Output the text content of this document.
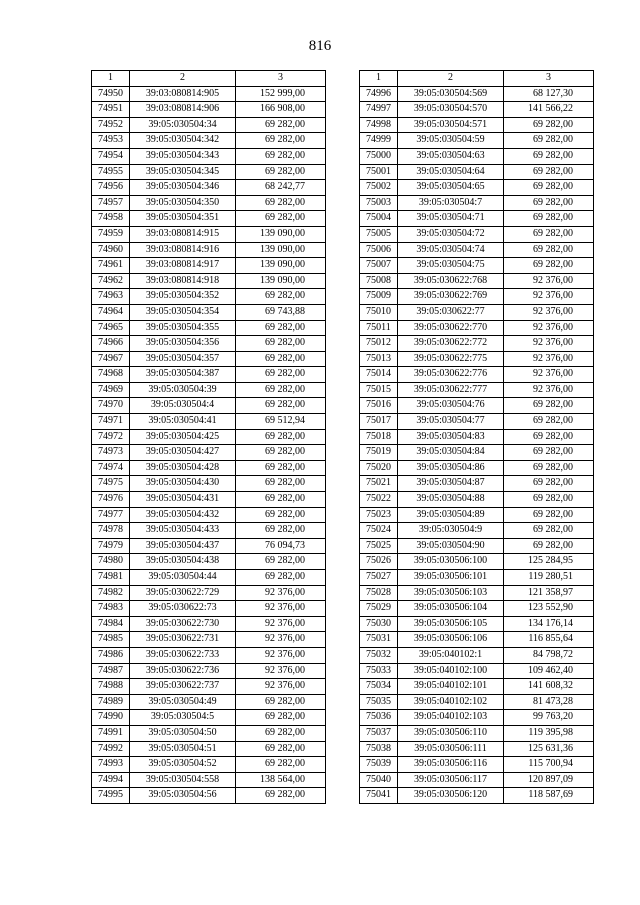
816
1	2	3
74950	39:03:080814:905	152 999,00
74951	39:03:080814:906	166 908,00
74952	39:05:030504:34	69 282,00
74953	39:05:030504:342	69 282,00
74954	39:05:030504:343	69 282,00
74955	39:05:030504:345	69 282,00
74956	39:05:030504:346	68 242,77
74957	39:05:030504:350	69 282,00
74958	39:05:030504:351	69 282,00
74959	39:03:080814:915	139 090,00
74960	39:03:080814:916	139 090,00
74961	39:03:080814:917	139 090,00
74962	39:03:080814:918	139 090,00
74963	39:05:030504:352	69 282,00
74964	39:05:030504:354	69 743,88
74965	39:05:030504:355	69 282,00
74966	39:05:030504:356	69 282,00
74967	39:05:030504:357	69 282,00
74968	39:05:030504:387	69 282,00
74969	39:05:030504:39	69 282,00
74970	39:05:030504:4	69 282,00
74971	39:05:030504:41	69 512,94
74972	39:05:030504:425	69 282,00
74973	39:05:030504:427	69 282,00
74974	39:05:030504:428	69 282,00
74975	39:05:030504:430	69 282,00
74976	39:05:030504:431	69 282,00
74977	39:05:030504:432	69 282,00
74978	39:05:030504:433	69 282,00
74979	39:05:030504:437	76 094,73
74980	39:05:030504:438	69 282,00
74981	39:05:030504:44	69 282,00
74982	39:05:030622:729	92 376,00
74983	39:05:030622:73	92 376,00
74984	39:05:030622:730	92 376,00
74985	39:05:030622:731	92 376,00
74986	39:05:030622:733	92 376,00
74987	39:05:030622:736	92 376,00
74988	39:05:030622:737	92 376,00
74989	39:05:030504:49	69 282,00
74990	39:05:030504:5	69 282,00
74991	39:05:030504:50	69 282,00
74992	39:05:030504:51	69 282,00
74993	39:05:030504:52	69 282,00
74994	39:05:030504:558	138 564,00
74995	39:05:030504:56	69 282,00
1	2	3
74996	39:05:030504:569	68 127,30
74997	39:05:030504:570	141 566,22
74998	39:05:030504:571	69 282,00
74999	39:05:030504:59	69 282,00
75000	39:05:030504:63	69 282,00
75001	39:05:030504:64	69 282,00
75002	39:05:030504:65	69 282,00
75003	39:05:030504:7	69 282,00
75004	39:05:030504:71	69 282,00
75005	39:05:030504:72	69 282,00
75006	39:05:030504:74	69 282,00
75007	39:05:030504:75	69 282,00
75008	39:05:030622:768	92 376,00
75009	39:05:030622:769	92 376,00
75010	39:05:030622:77	92 376,00
75011	39:05:030622:770	92 376,00
75012	39:05:030622:772	92 376,00
75013	39:05:030622:775	92 376,00
75014	39:05:030622:776	92 376,00
75015	39:05:030622:777	92 376,00
75016	39:05:030504:76	69 282,00
75017	39:05:030504:77	69 282,00
75018	39:05:030504:83	69 282,00
75019	39:05:030504:84	69 282,00
75020	39:05:030504:86	69 282,00
75021	39:05:030504:87	69 282,00
75022	39:05:030504:88	69 282,00
75023	39:05:030504:89	69 282,00
75024	39:05:030504:9	69 282,00
75025	39:05:030504:90	69 282,00
75026	39:05:030506:100	125 284,95
75027	39:05:030506:101	119 280,51
75028	39:05:030506:103	121 358,97
75029	39:05:030506:104	123 552,90
75030	39:05:030506:105	134 176,14
75031	39:05:030506:106	116 855,64
75032	39:05:040102:1	84 798,72
75033	39:05:040102:100	109 462,40
75034	39:05:040102:101	141 608,32
75035	39:05:040102:102	81 473,28
75036	39:05:040102:103	99 763,20
75037	39:05:030506:110	119 395,98
75038	39:05:030506:111	125 631,36
75039	39:05:030506:116	115 700,94
75040	39:05:030506:117	120 897,09
75041	39:05:030506:120	118 587,69
